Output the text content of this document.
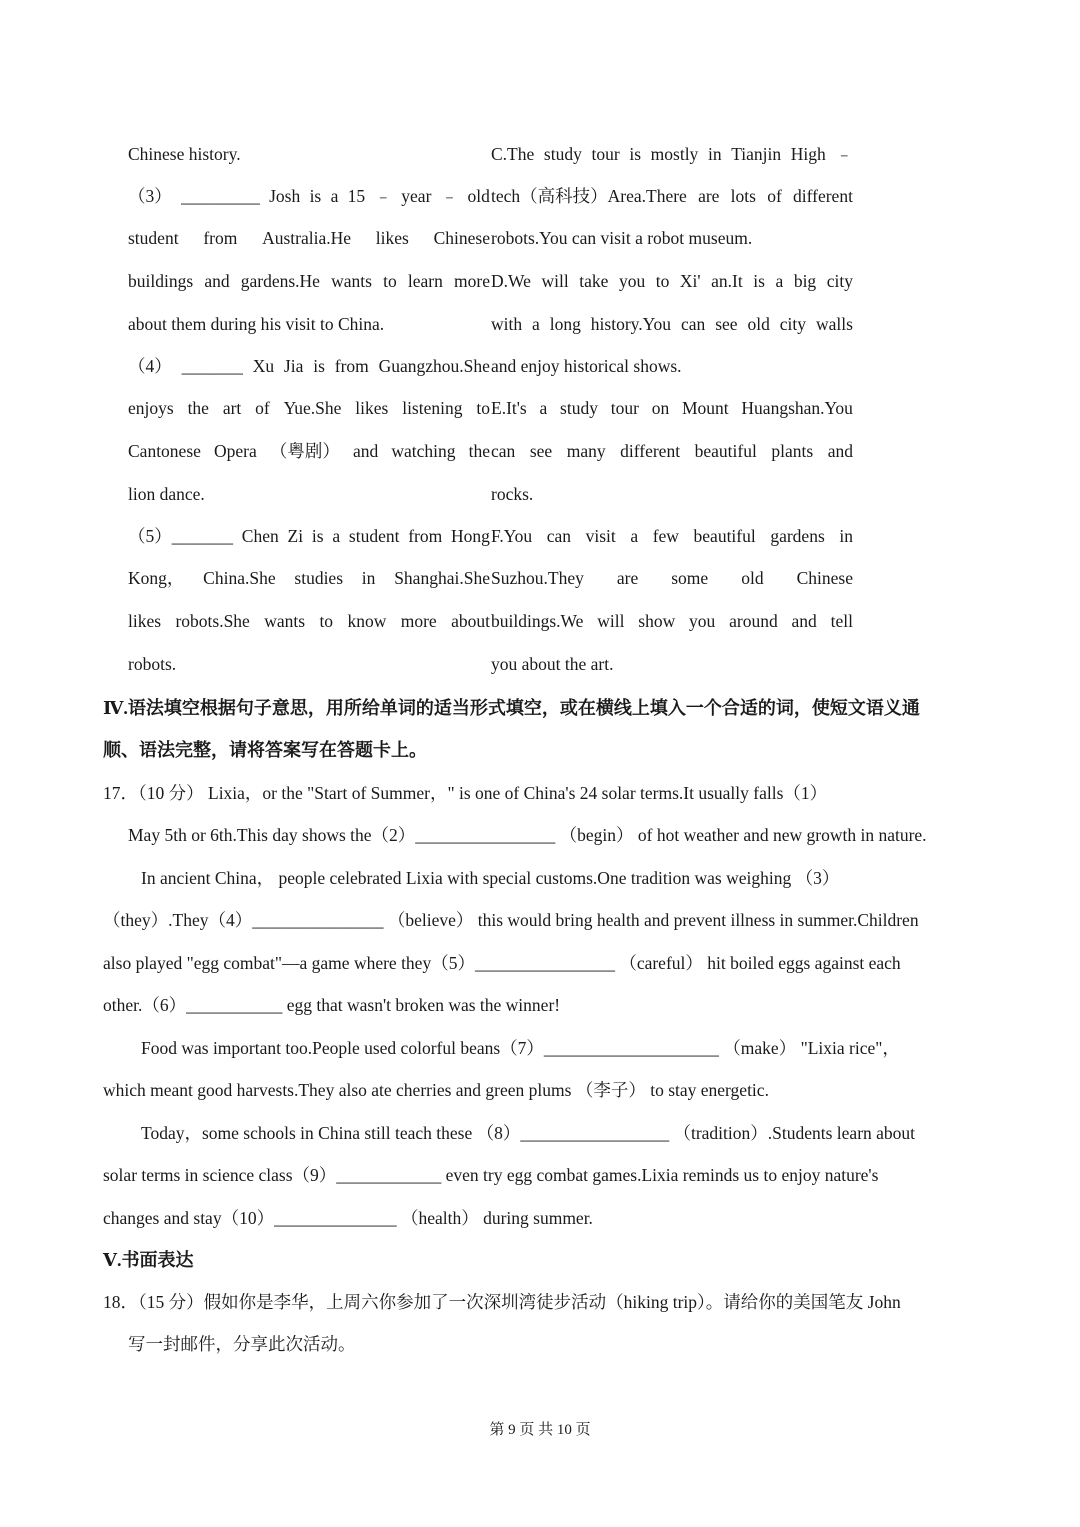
Chinese history.
（3） _________ Josh is a 15 ﹣ year ﹣ old
student from Australia.He likes Chinese
buildings and gardens.He wants to learn more
about them during his visit to China.
（4） _______ Xu Jia is from Guangzhou.She
enjoys the art of Yue.She likes listening to
Cantonese Opera （粤剧） and watching the
lion dance.
（5）_______ Chen Zi is a student from Hong
Kong， China.She studies in Shanghai.She
likes robots.She wants to know more about
robots.
C.The study tour is mostly in Tianjin High ﹣
tech（高科技）Area.There are lots of different
robots.You can visit a robot museum.
D.We will take you to Xi' an.It is a big city
with a long history.You can see old city walls
and enjoy historical shows.
E.It's a study tour on Mount Huangshan.You
can see many different beautiful plants and
rocks.
F.You can visit a few beautiful gardens in
Suzhou.They are some old Chinese
buildings.We will show you around and tell
you about the art.
Ⅳ.语法填空根据句子意思，用所给单词的适当形式填空，或在横线上填入一个合适的词，使短文语义通
顺、语法完整，请将答案写在答题卡上。
17．（10 分） Lixia，or the "Start of Summer，" is one of China's 24 solar terms.It usually falls（1）
May 5th or 6th.This day shows the（2）________________ （begin） of hot weather and new growth in nature.
In ancient China， people celebrated Lixia with special customs.One tradition was weighing （3）
（they）.They（4）_______________ （believe） this would bring health and prevent illness in summer.Children
also played "egg combat"—a game where they（5）________________ （careful） hit boiled eggs against each
other.（6）___________ egg that wasn't broken was the winner!
Food was important too.People used colorful beans（7）____________________ （make） "Lixia rice"，
which meant good harvests.They also ate cherries and green plums （李子） to stay energetic.
Today，some schools in China still teach these （8）_________________ （tradition）.Students learn about
solar terms in science class（9）____________ even try egg combat games.Lixia reminds us to enjoy nature's
changes and stay（10）______________ （health） during summer.
Ⅴ.书面表达
18．（15 分）假如你是李华，上周六你参加了一次深圳湾徒步活动（hiking trip）。请给你的美国笔友 John
写一封邮件，分享此次活动。
第 9 页 共 10 页
